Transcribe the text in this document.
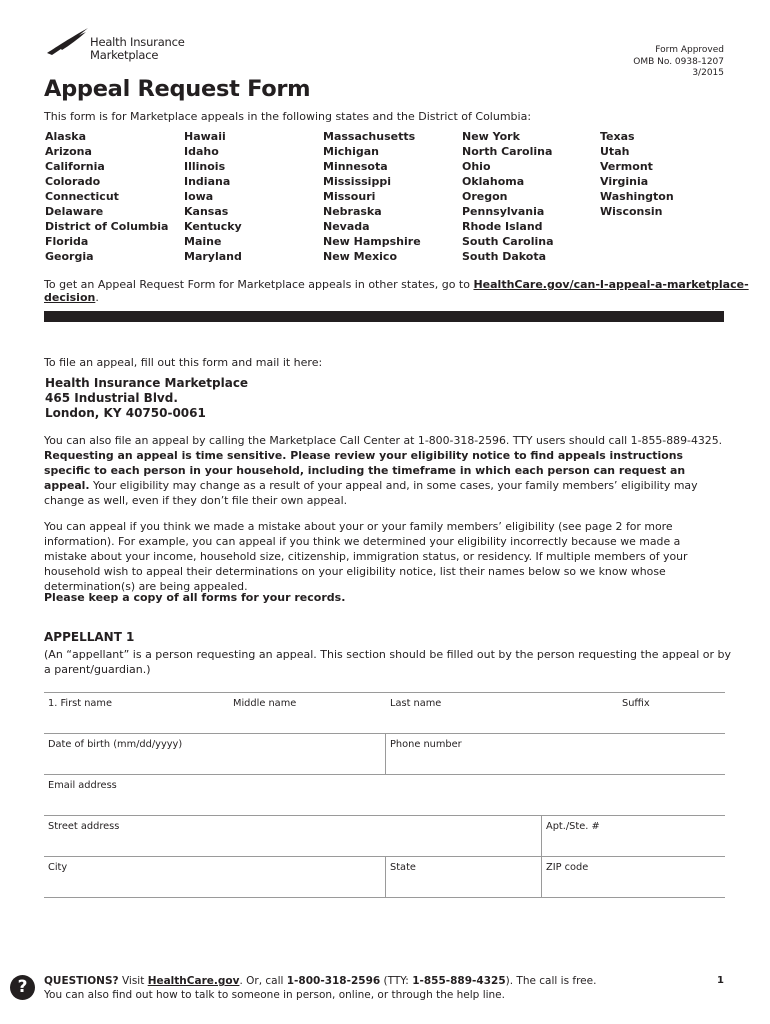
Health Insurance
Marketplace	Form Approved
OMB No. 0938-1207
3/2015
Appeal Request Form
This form is for Marketplace appeals in the following states and the District of Columbia:
Alaska
Arizona
California
Colorado
Connecticut
Delaware
District of Columbia
Florida
Georgia
Hawaii
Idaho
Illinois
Indiana
Iowa
Kansas
Kentucky
Maine
Maryland
Massachusetts
Michigan
Minnesota
Mississippi
Missouri
Nebraska
Nevada
New Hampshire
New Mexico
New York
North Carolina
Ohio
Oklahoma
Oregon
Pennsylvania
Rhode Island
South Carolina
South Dakota
Texas
Utah
Vermont
Virginia
Washington
Wisconsin
To get an Appeal Request Form for Marketplace appeals in other states, go to HealthCare.gov/can-I-appeal-a-marketplace-decision.
To file an appeal, fill out this form and mail it here:
Health Insurance Marketplace
465 Industrial Blvd.
London, KY 40750-0061
You can also file an appeal by calling the Marketplace Call Center at 1-800-318-2596. TTY users should call 1-855-889-4325. Requesting an appeal is time sensitive. Please review your eligibility notice to find appeals instructions specific to each person in your household, including the timeframe in which each person can request an appeal. Your eligibility may change as a result of your appeal and, in some cases, your family members’ eligibility may change as well, even if they don’t file their own appeal.
You can appeal if you think we made a mistake about your or your family members’ eligibility (see page 2 for more information). For example, you can appeal if you think we determined your eligibility incorrectly because we made a mistake about your income, household size, citizenship, immigration status, or residency. If multiple members of your household wish to appeal their determinations on your eligibility notice, list their names below so we know whose determination(s) are being appealed.
Please keep a copy of all forms for your records.
APPELLANT 1
(An “appellant” is a person requesting an appeal. This section should be filled out by the person requesting the appeal or by a parent/guardian.)
1. First name	Middle name	Last name	Suffix
Date of birth (mm/dd/yyyy)	Phone number
Email address
Street address	Apt./Ste. #
City	State	ZIP code
?	QUESTIONS? Visit HealthCare.gov. Or, call 1-800-318-2596 (TTY: 1-855-889-4325). The call is free.
You can also find out how to talk to someone in person, online, or through the help line.
1
